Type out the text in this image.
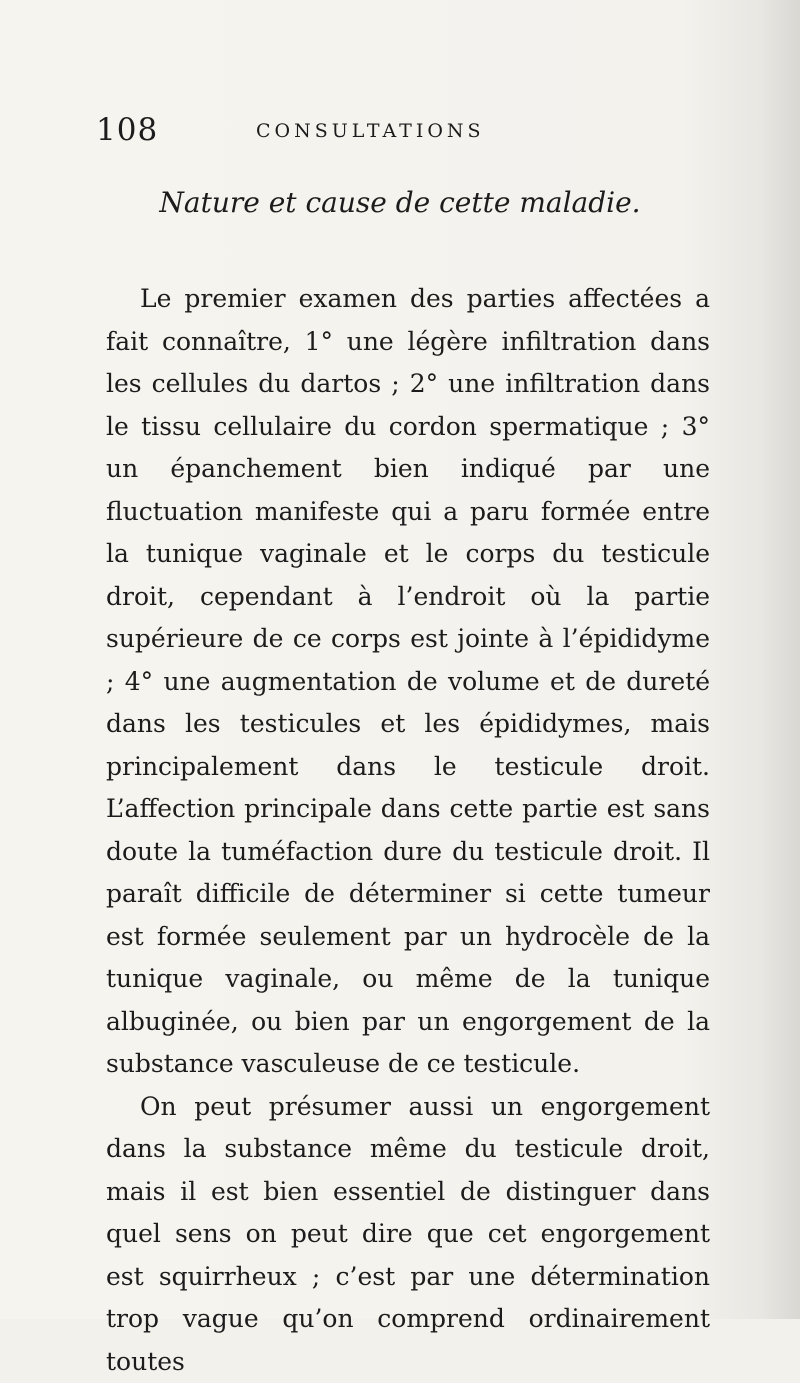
108	CONSULTATIONS
Nature et cause de cette maladie.

Le premier examen des parties affectées a fait connaître, 1° une légère infiltration dans les cellules du dartos ; 2° une infiltration dans le tissu cellulaire du cordon spermatique ; 3° un épanchement bien indiqué par une fluctuation manifeste qui a paru formée entre la tunique vaginale et le corps du testicule droit, cependant à l’endroit où la partie supérieure de ce corps est jointe à l’épididyme ; 4° une augmentation de volume et de dureté dans les testicules et les épididymes, mais principalement dans le testicule droit. L’affection principale dans cette partie est sans doute la tuméfaction dure du testicule droit. Il paraît difficile de déterminer si cette tumeur est formée seulement par un hydrocèle de la tunique vaginale, ou même de la tunique albuginée, ou bien par un engorgement de la substance vasculeuse de ce testicule.

On peut présumer aussi un engorgement dans la substance même du testicule droit, mais il est bien essentiel de distinguer dans quel sens on peut dire que cet engorgement est squirrheux ; c’est par une détermination trop vague qu’on comprend ordinairement toutes
